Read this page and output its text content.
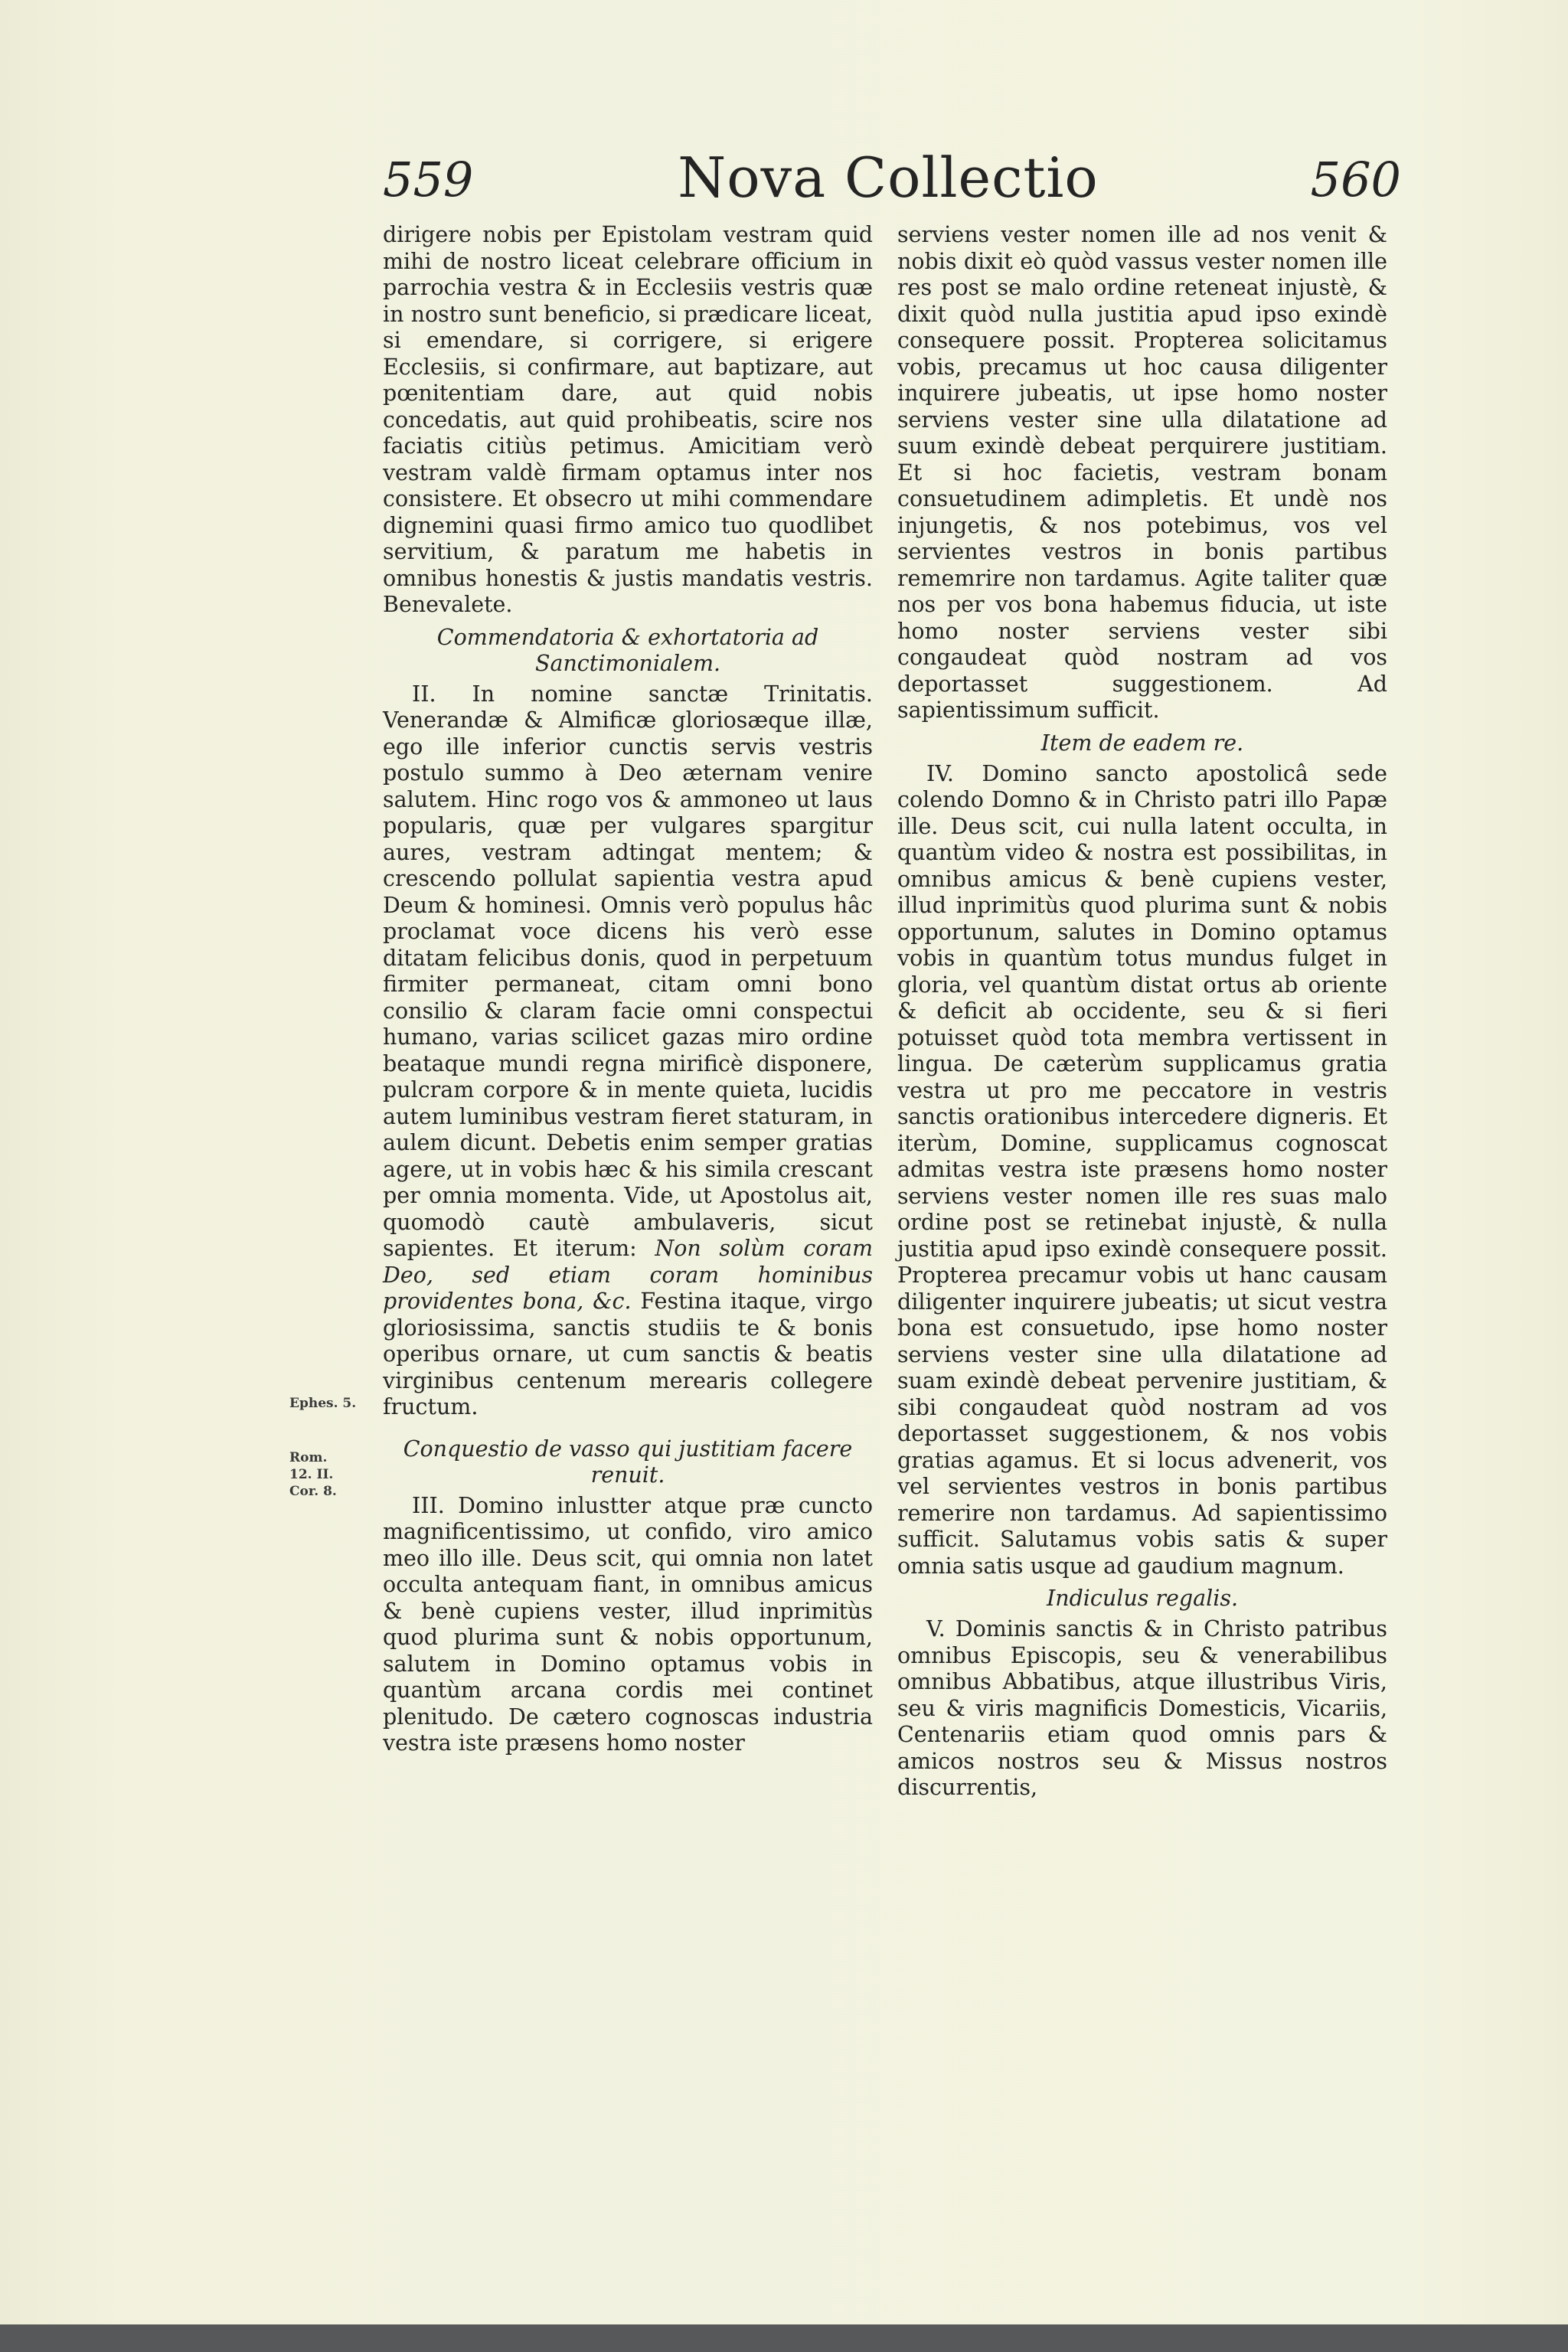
559	Nova Collectio	560
Ephes. 5.
Rom. 12. II. Cor. 8.

dirigere nobis per Epistolam vestram quid mihi de nostro liceat celebrare officium in parrochia vestra & in Ecclesiis vestris quæ in nostro sunt beneficio, si prædicare liceat, si emendare, si corrigere, si erigere Ecclesiis, si confirmare, aut baptizare, aut pœnitentiam dare, aut quid nobis concedatis, aut quid prohibeatis, scire nos faciatis citiùs petimus. Amicitiam verò vestram valdè firmam optamus inter nos consistere. Et obsecro ut mihi commendare dignemini quasi firmo amico tuo quodlibet servitium, & paratum me habetis in omnibus honestis & justis mandatis vestris. Benevalete.

Commendatoria & exhortatoria ad Sanctimonialem.

II. In nomine sanctæ Trinitatis. Venerandæ & Almificæ gloriosæque illæ, ego ille inferior cunctis servis vestris postulo summo à Deo æternam venire salutem. Hinc rogo vos & ammoneo ut laus popularis, quæ per vulgares spargitur aures, vestram adtingat mentem; & crescendo pollulat sapientia vestra apud Deum & hominesi. Omnis verò populus hâc proclamat voce dicens his verò esse ditatam felicibus donis, quod in perpetuum firmiter permaneat, citam omni bono consilio & claram facie omni conspectui humano, varias scilicet gazas miro ordine beataque mundi regna mirificè disponere, pulcram corpore & in mente quieta, lucidis autem luminibus vestram fieret staturam, in aulem dicunt. Debetis enim semper gratias agere, ut in vobis hæc & his simila crescant per omnia momenta. Vide, ut Apostolus ait, quomodò cautè ambulaveris, sicut sapientes. Et iterum: Non solùm coram Deo, sed etiam coram hominibus providentes bona, &c. Festina itaque, virgo gloriosissima, sanctis studiis te & bonis operibus ornare, ut cum sanctis & beatis virginibus centenum merearis collegere fructum.

Conquestio de vasso qui justitiam facere renuit.

III. Domino inlustter atque præ cuncto magnificentissimo, ut confido, viro amico meo illo ille. Deus scit, qui omnia non latet occulta antequam fiant, in omnibus amicus & benè cupiens vester, illud inprimitùs quod plurima sunt & nobis opportunum, salutem in Domino optamus vobis in quantùm arcana cordis mei continet plenitudo. De cætero cognoscas industria vestra iste præsens homo noster

serviens vester nomen ille ad nos venit & nobis dixit eò quòd vassus vester nomen ille res post se malo ordine reteneat injustè, & dixit quòd nulla justitia apud ipso exindè consequere possit. Propterea solicitamus vobis, precamus ut hoc causa diligenter inquirere jubeatis, ut ipse homo noster serviens vester sine ulla dilatatione ad suum exindè debeat perquirere justitiam. Et si hoc facietis, vestram bonam consuetudinem adimpletis. Et undè nos injungetis, & nos potebimus, vos vel servientes vestros in bonis partibus rememrire non tardamus. Agite taliter quæ nos per vos bona habemus fiducia, ut iste homo noster serviens vester sibi congaudeat quòd nostram ad vos deportasset suggestionem. Ad sapientissimum sufficit.

Item de eadem re.

IV. Domino sancto apostolicâ sede colendo Domno & in Christo patri illo Papæ ille. Deus scit, cui nulla latent occulta, in quantùm video & nostra est possibilitas, in omnibus amicus & benè cupiens vester, illud inprimitùs quod plurima sunt & nobis opportunum, salutes in Domino optamus vobis in quantùm totus mundus fulget in gloria, vel quantùm distat ortus ab oriente & deficit ab occidente, seu & si fieri potuisset quòd tota membra vertissent in lingua. De cæterùm supplicamus gratia vestra ut pro me peccatore in vestris sanctis orationibus intercedere digneris. Et iterùm, Domine, supplicamus cognoscat admitas vestra iste præsens homo noster serviens vester nomen ille res suas malo ordine post se retinebat injustè, & nulla justitia apud ipso exindè consequere possit. Propterea precamur vobis ut hanc causam diligenter inquirere jubeatis; ut sicut vestra bona est consuetudo, ipse homo noster serviens vester sine ulla dilatatione ad suam exindè debeat pervenire justitiam, & sibi congaudeat quòd nostram ad vos deportasset suggestionem, & nos vobis gratias agamus. Et si locus advenerit, vos vel servientes vestros in bonis partibus remerire non tardamus. Ad sapientissimo sufficit. Salutamus vobis satis & super omnia satis usque ad gaudium magnum.

Indiculus regalis.

V. Dominis sanctis & in Christo patribus omnibus Episcopis, seu & venerabilibus omnibus Abbatibus, atque illustribus Viris, seu & viris magnificis Domesticis, Vicariis, Centenariis etiam quod omnis pars & amicos nostros seu & Missus nostros discurrentis,
